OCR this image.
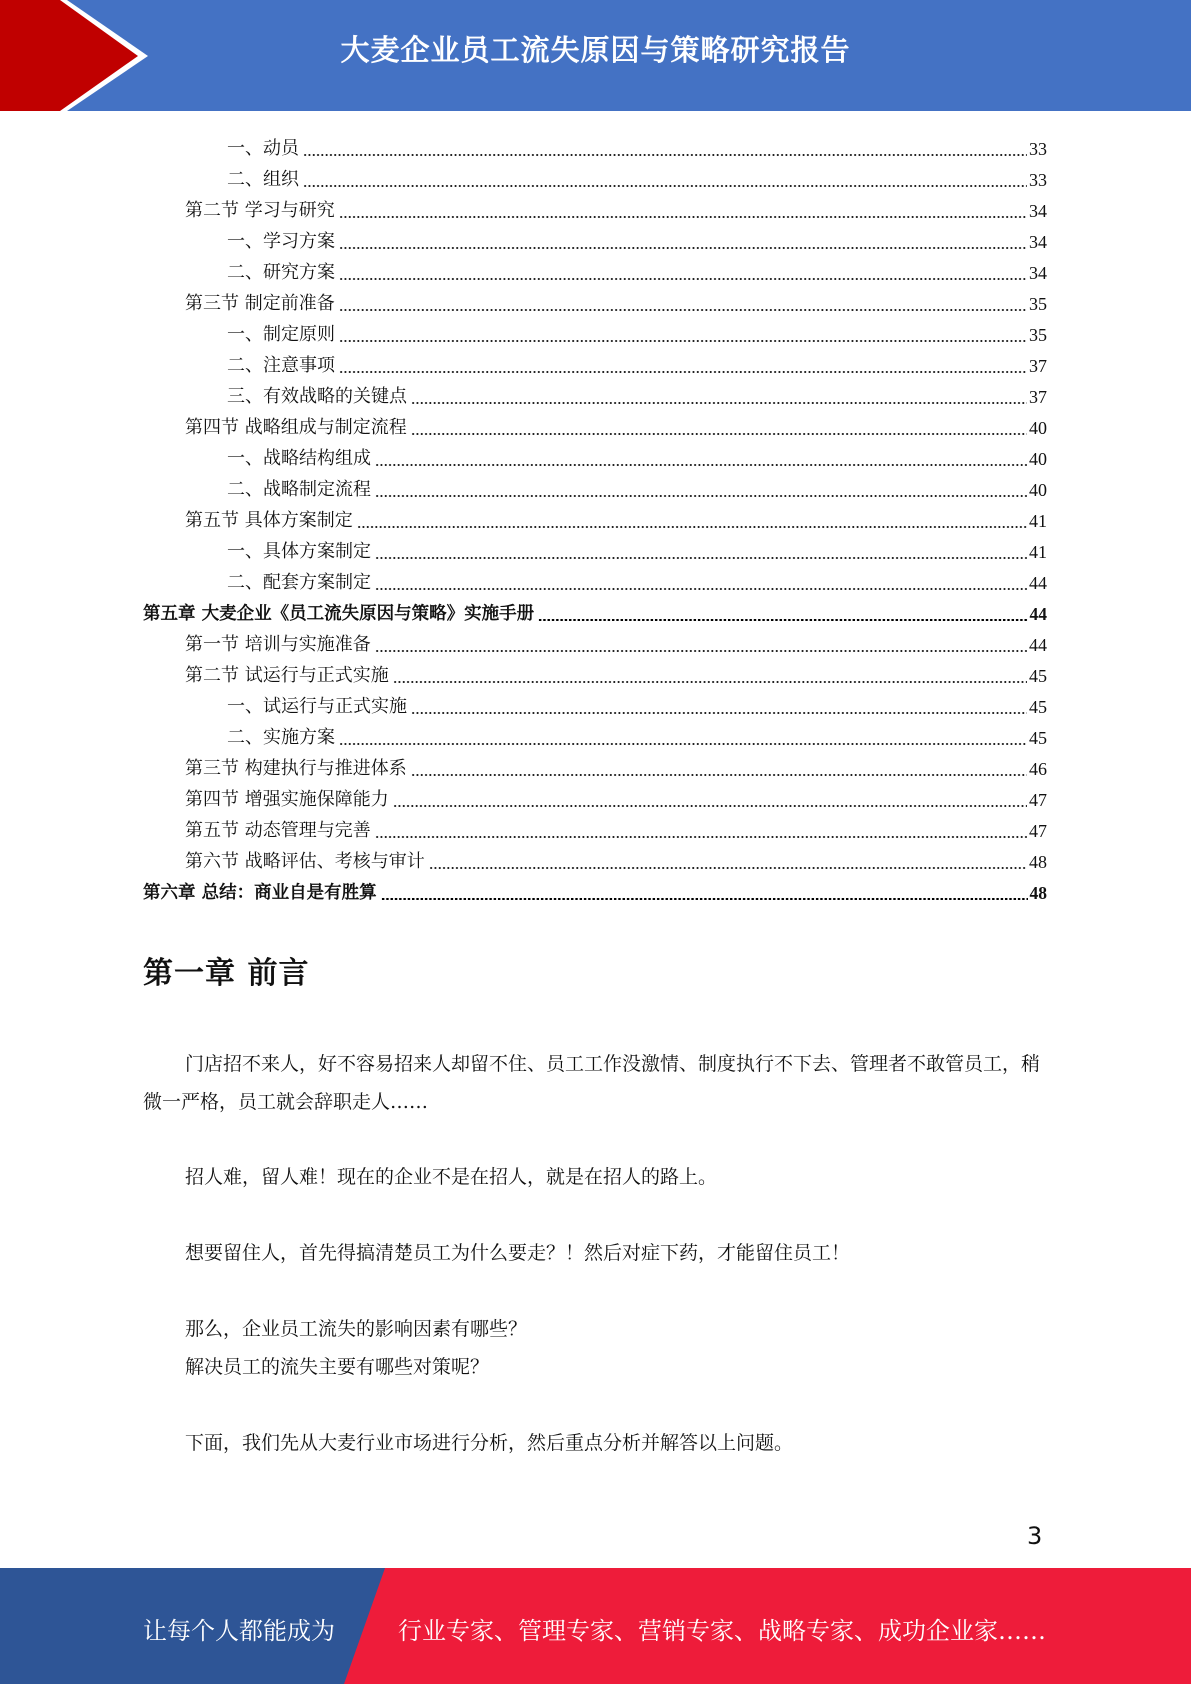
大麦企业员工流失原因与策略研究报告
一、动员	33
二、组织	33
第二节 学习与研究	34
一、学习方案	34
二、研究方案	34
第三节 制定前准备	35
一、制定原则	35
二、注意事项	37
三、有效战略的关键点	37
第四节 战略组成与制定流程	40
一、战略结构组成	40
二、战略制定流程	40
第五节 具体方案制定	41
一、具体方案制定	41
二、配套方案制定	44
第五章 大麦企业《员工流失原因与策略》实施手册	44
第一节 培训与实施准备	44
第二节 试运行与正式实施	45
一、试运行与正式实施	45
二、实施方案	45
第三节 构建执行与推进体系	46
第四节 增强实施保障能力	47
第五节 动态管理与完善	47
第六节 战略评估、考核与审计	48
第六章 总结：商业自是有胜算	48
第一章 前言

门店招不来人，好不容易招来人却留不住、员工工作没激情、制度执行不下去、管理者不敢管员工，稍微一严格，员工就会辞职走人……

招人难，留人难！现在的企业不是在招人，就是在招人的路上。

想要留住人，首先得搞清楚员工为什么要走？！然后对症下药，才能留住员工！

那么，企业员工流失的影响因素有哪些？

解决员工的流失主要有哪些对策呢？

下面，我们先从大麦行业市场进行分析，然后重点分析并解答以上问题。

3
让每个人都能成为	行业专家、管理专家、营销专家、战略专家、成功企业家……
